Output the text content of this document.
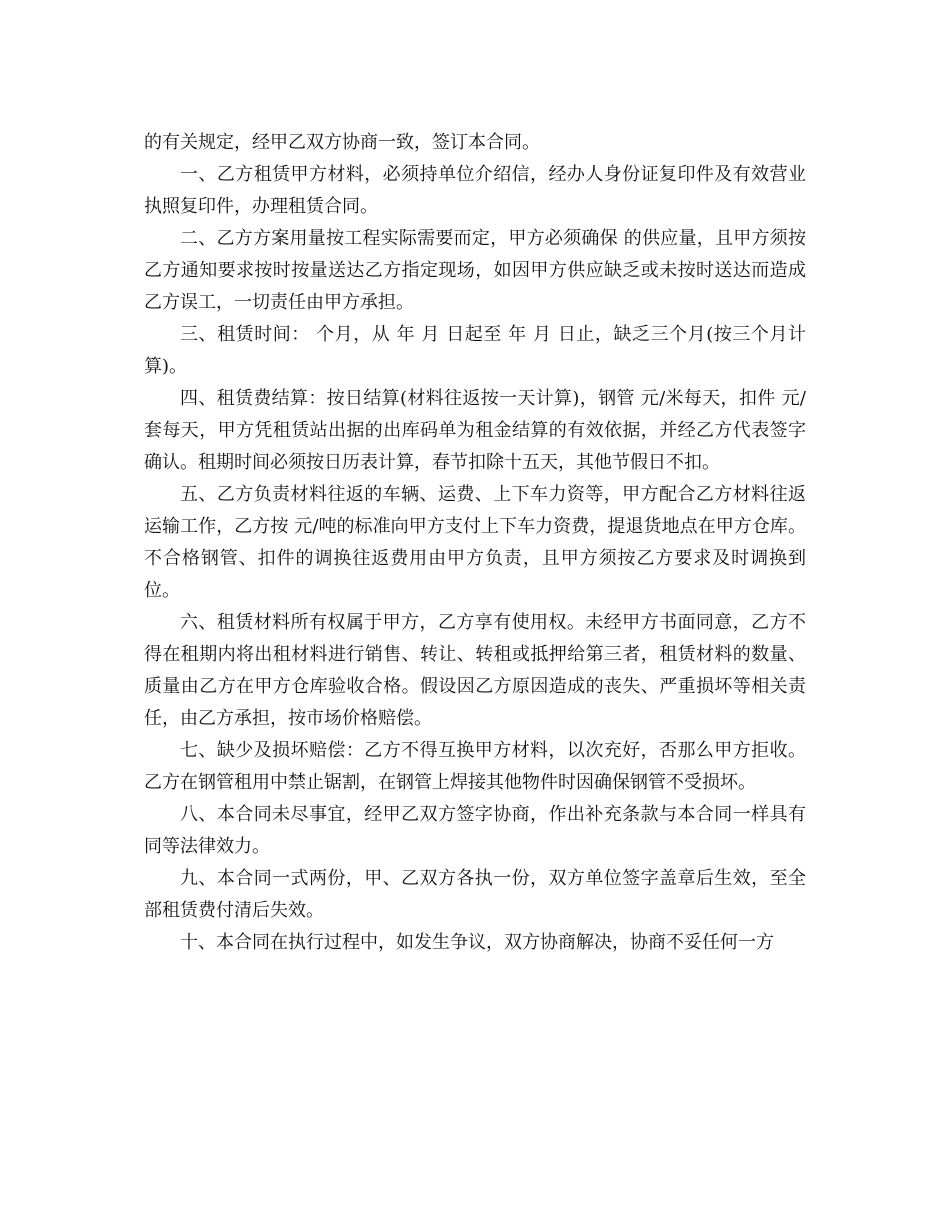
的有关规定，经甲乙双方协商一致，签订本合同。

一、乙方租赁甲方材料，必须持单位介绍信，经办人身份证复印件及有效营业执照复印件，办理租赁合同。

二、乙方方案用量按工程实际需要而定，甲方必须确保 的供应量，且甲方须按乙方通知要求按时按量送达乙方指定现场，如因甲方供应缺乏或未按时送达而造成乙方误工，一切责任由甲方承担。

三、租赁时间： 个月，从 年 月 日起至 年 月 日止，缺乏三个月(按三个月计算)。

四、租赁费结算：按日结算(材料往返按一天计算)，钢管 元/米每天，扣件 元/套每天，甲方凭租赁站出据的出库码单为租金结算的有效依据，并经乙方代表签字确认。租期时间必须按日历表计算，春节扣除十五天，其他节假日不扣。

五、乙方负责材料往返的车辆、运费、上下车力资等，甲方配合乙方材料往返运输工作，乙方按 元/吨的标准向甲方支付上下车力资费，提退货地点在甲方仓库。不合格钢管、扣件的调换往返费用由甲方负责，且甲方须按乙方要求及时调换到位。

六、租赁材料所有权属于甲方，乙方享有使用权。未经甲方书面同意，乙方不得在租期内将出租材料进行销售、转让、转租或抵押给第三者，租赁材料的数量、质量由乙方在甲方仓库验收合格。假设因乙方原因造成的丧失、严重损坏等相关责任，由乙方承担，按市场价格赔偿。

七、缺少及损坏赔偿：乙方不得互换甲方材料，以次充好，否那么甲方拒收。乙方在钢管租用中禁止锯割，在钢管上焊接其他物件时因确保钢管不受损坏。

八、本合同未尽事宜，经甲乙双方签字协商，作出补充条款与本合同一样具有同等法律效力。

九、本合同一式两份，甲、乙双方各执一份，双方单位签字盖章后生效，至全部租赁费付清后失效。

十、本合同在执行过程中，如发生争议，双方协商解决，协商不妥任何一方
